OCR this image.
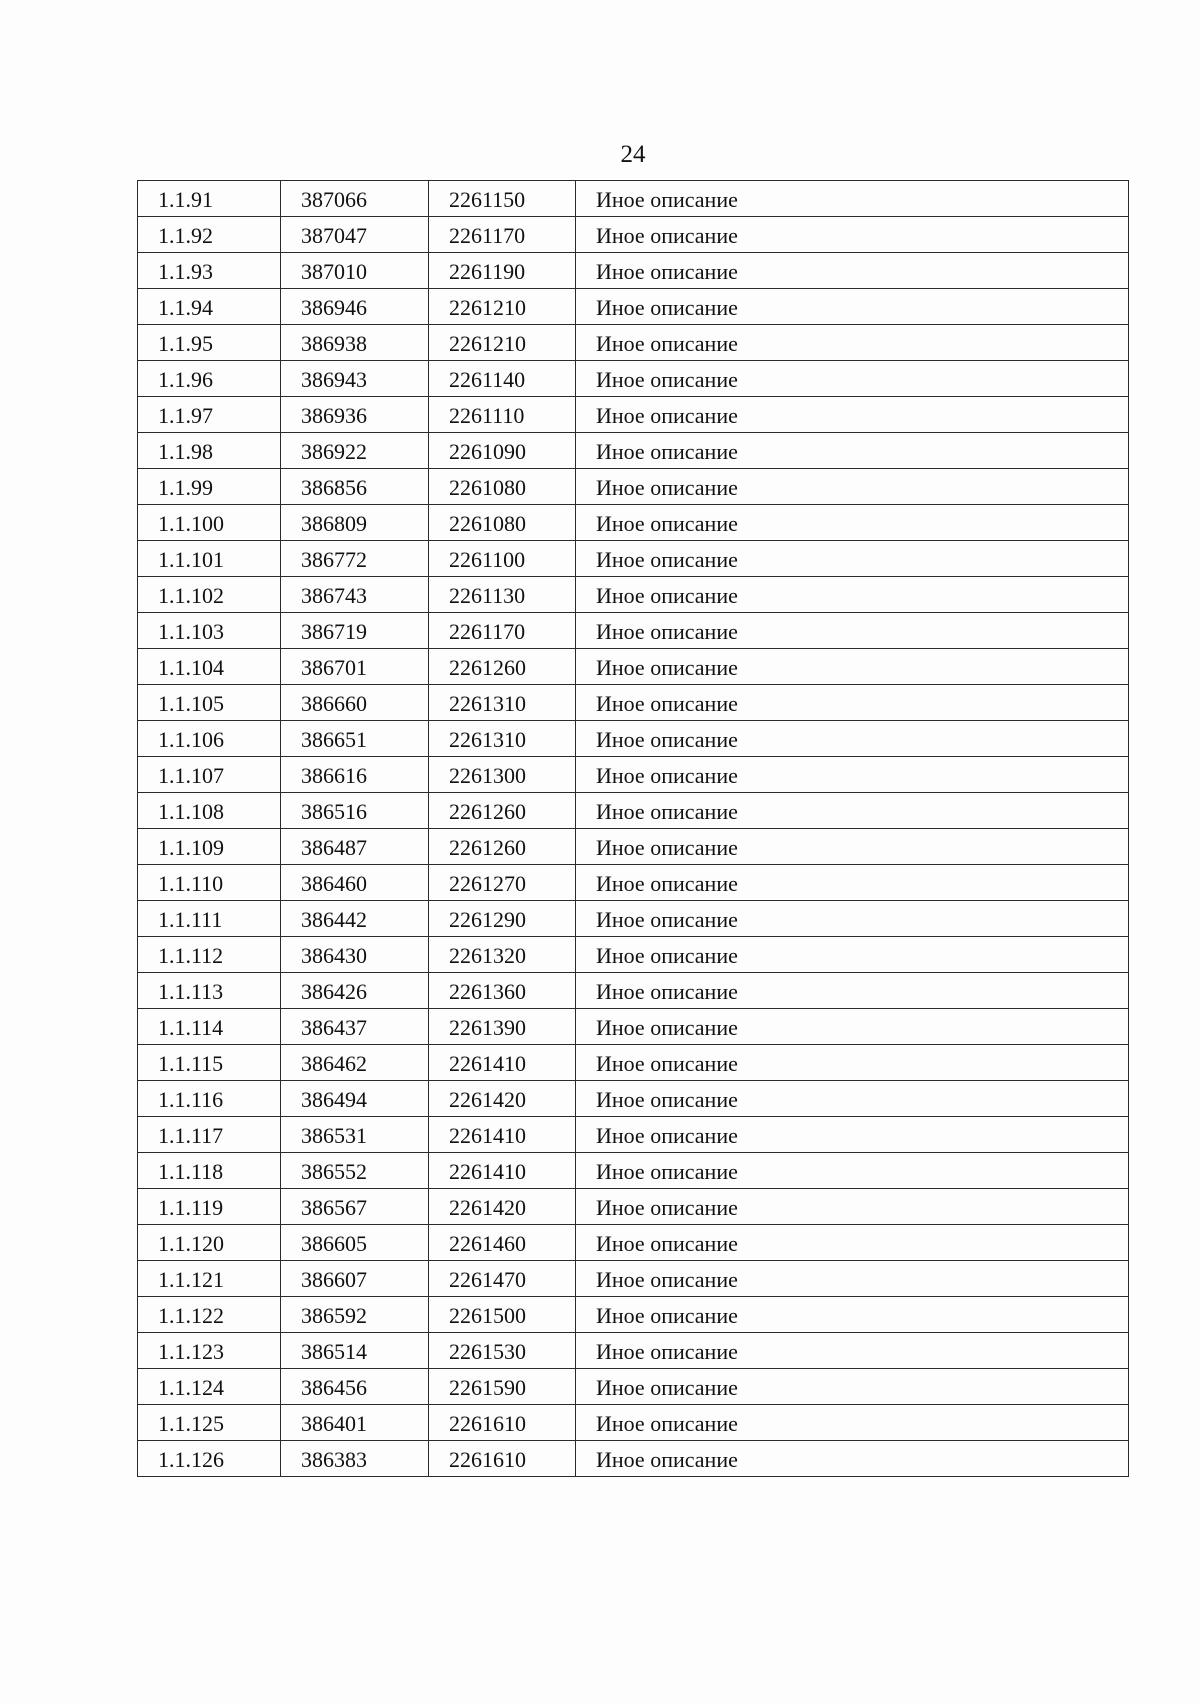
24
1.1.91	387066	2261150	Иное описание
1.1.92	387047	2261170	Иное описание
1.1.93	387010	2261190	Иное описание
1.1.94	386946	2261210	Иное описание
1.1.95	386938	2261210	Иное описание
1.1.96	386943	2261140	Иное описание
1.1.97	386936	2261110	Иное описание
1.1.98	386922	2261090	Иное описание
1.1.99	386856	2261080	Иное описание
1.1.100	386809	2261080	Иное описание
1.1.101	386772	2261100	Иное описание
1.1.102	386743	2261130	Иное описание
1.1.103	386719	2261170	Иное описание
1.1.104	386701	2261260	Иное описание
1.1.105	386660	2261310	Иное описание
1.1.106	386651	2261310	Иное описание
1.1.107	386616	2261300	Иное описание
1.1.108	386516	2261260	Иное описание
1.1.109	386487	2261260	Иное описание
1.1.110	386460	2261270	Иное описание
1.1.111	386442	2261290	Иное описание
1.1.112	386430	2261320	Иное описание
1.1.113	386426	2261360	Иное описание
1.1.114	386437	2261390	Иное описание
1.1.115	386462	2261410	Иное описание
1.1.116	386494	2261420	Иное описание
1.1.117	386531	2261410	Иное описание
1.1.118	386552	2261410	Иное описание
1.1.119	386567	2261420	Иное описание
1.1.120	386605	2261460	Иное описание
1.1.121	386607	2261470	Иное описание
1.1.122	386592	2261500	Иное описание
1.1.123	386514	2261530	Иное описание
1.1.124	386456	2261590	Иное описание
1.1.125	386401	2261610	Иное описание
1.1.126	386383	2261610	Иное описание
